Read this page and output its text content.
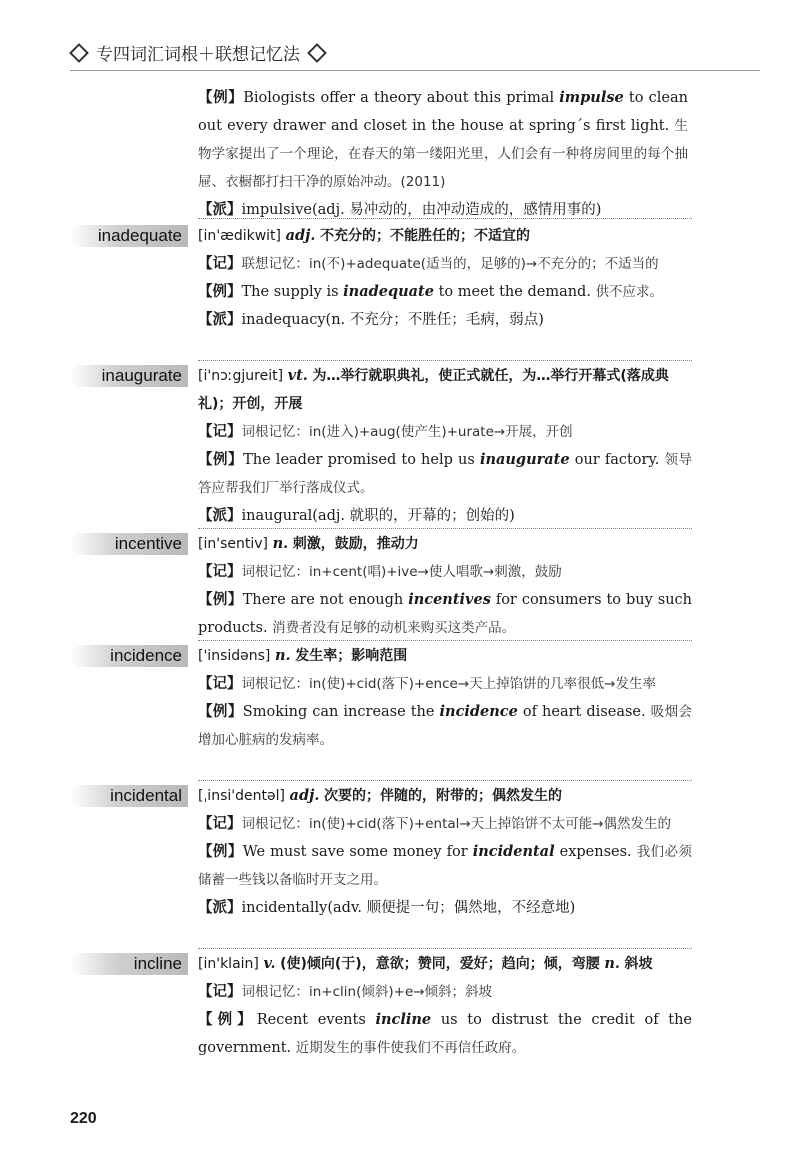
专四词汇词根＋联想记忆法
【例】Biologists offer a theory about this primal impulse to clean out every drawer and closet in the house at spring´s first light. 生物学家提出了一个理论，在春天的第一缕阳光里，人们会有一种将房间里的每个抽屉、衣橱都打扫干净的原始冲动。(2011)
【派】impulsive(adj. 易冲动的，由冲动造成的，感情用事的)
inadequate	[in'ædikwit] adj. 不充分的；不能胜任的；不适宜的
【记】联想记忆：in(不)+adequate(适当的，足够的)→不充分的；不适当的
【例】The supply is inadequate to meet the demand. 供不应求。
【派】inadequacy(n. 不充分；不胜任；毛病，弱点)
inaugurate	[i'nɔːgjureit] vt. 为…举行就职典礼，使正式就任，为…举行开幕式(落成典礼)；开创，开展
【记】词根记忆：in(进入)+aug(使产生)+urate→开展，开创
【例】The leader promised to help us inaugurate our factory. 领导答应帮我们厂举行落成仪式。
【派】inaugural(adj. 就职的，开幕的；创始的)
incentive	[in'sentiv] n. 刺激，鼓励，推动力
【记】词根记忆：in+cent(唱)+ive→使人唱歌→刺激，鼓励
【例】There are not enough incentives for consumers to buy such products. 消费者没有足够的动机来购买这类产品。
incidence	['insidəns] n. 发生率；影响范围
【记】词根记忆：in(使)+cid(落下)+ence→天上掉馅饼的几率很低→发生率
【例】Smoking can increase the incidence of heart disease. 吸烟会增加心脏病的发病率。
incidental	[ˌinsi'dentəl] adj. 次要的；伴随的，附带的；偶然发生的
【记】词根记忆：in(使)+cid(落下)+ental→天上掉馅饼不太可能→偶然发生的
【例】We must save some money for incidental expenses. 我们必须储蓄一些钱以备临时开支之用。
【派】incidentally(adv. 顺便提一句；偶然地，不经意地)
incline	[in'klain] v. (使)倾向(于)，意欲；赞同，爱好；趋向；倾，弯腰 n. 斜坡
【记】词根记忆：in+clin(倾斜)+e→倾斜；斜坡
【例】Recent events incline us to distrust the credit of the government. 近期发生的事件使我们不再信任政府。
220
